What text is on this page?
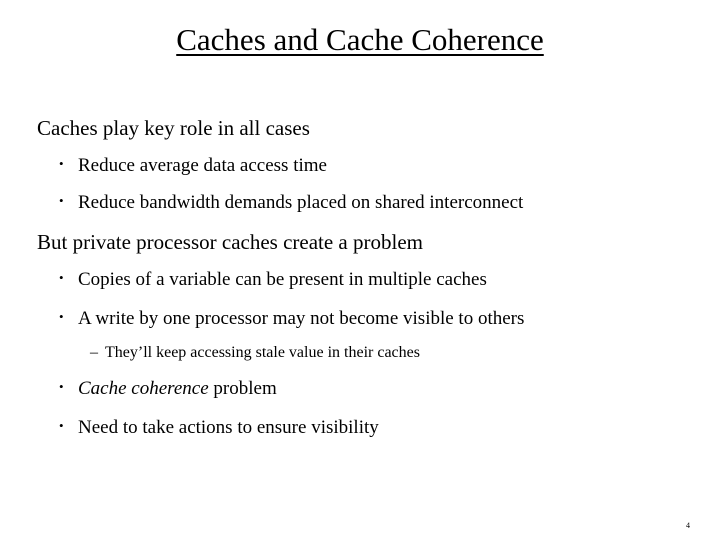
Caches and Cache Coherence
Caches play key role in all cases
• Reduce average data access time
• Reduce bandwidth demands placed on shared interconnect
But private processor caches create a problem
• Copies of a variable can be present in multiple caches
• A write by one processor may not become visible to others
– They’ll keep accessing stale value in their caches
• Cache coherence problem
• Need to take actions to ensure visibility
4
